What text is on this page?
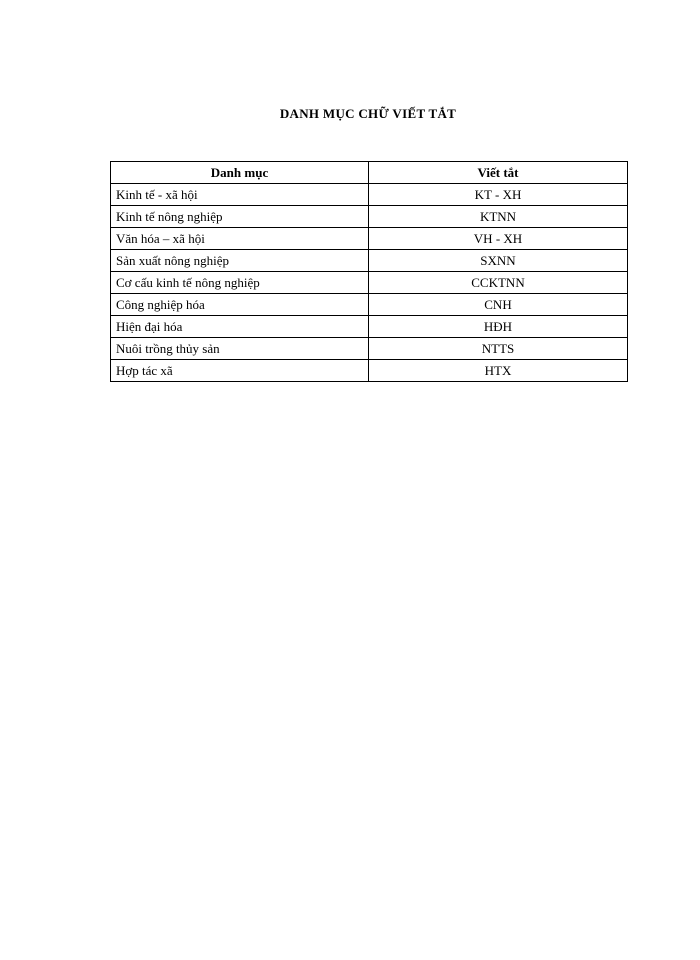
DANH MỤC CHỮ VIẾT TẮT
Danh mục	Viết tắt
Kinh tế - xã hội	KT - XH
Kinh tế nông nghiệp	KTNN
Văn hóa – xã hội	VH - XH
Sản xuất nông nghiệp	SXNN
Cơ cấu kinh tế nông nghiệp	CCKTNN
Công nghiệp hóa	CNH
Hiện đại hóa	HĐH
Nuôi trồng thủy sản	NTTS
Hợp tác xã	HTX
